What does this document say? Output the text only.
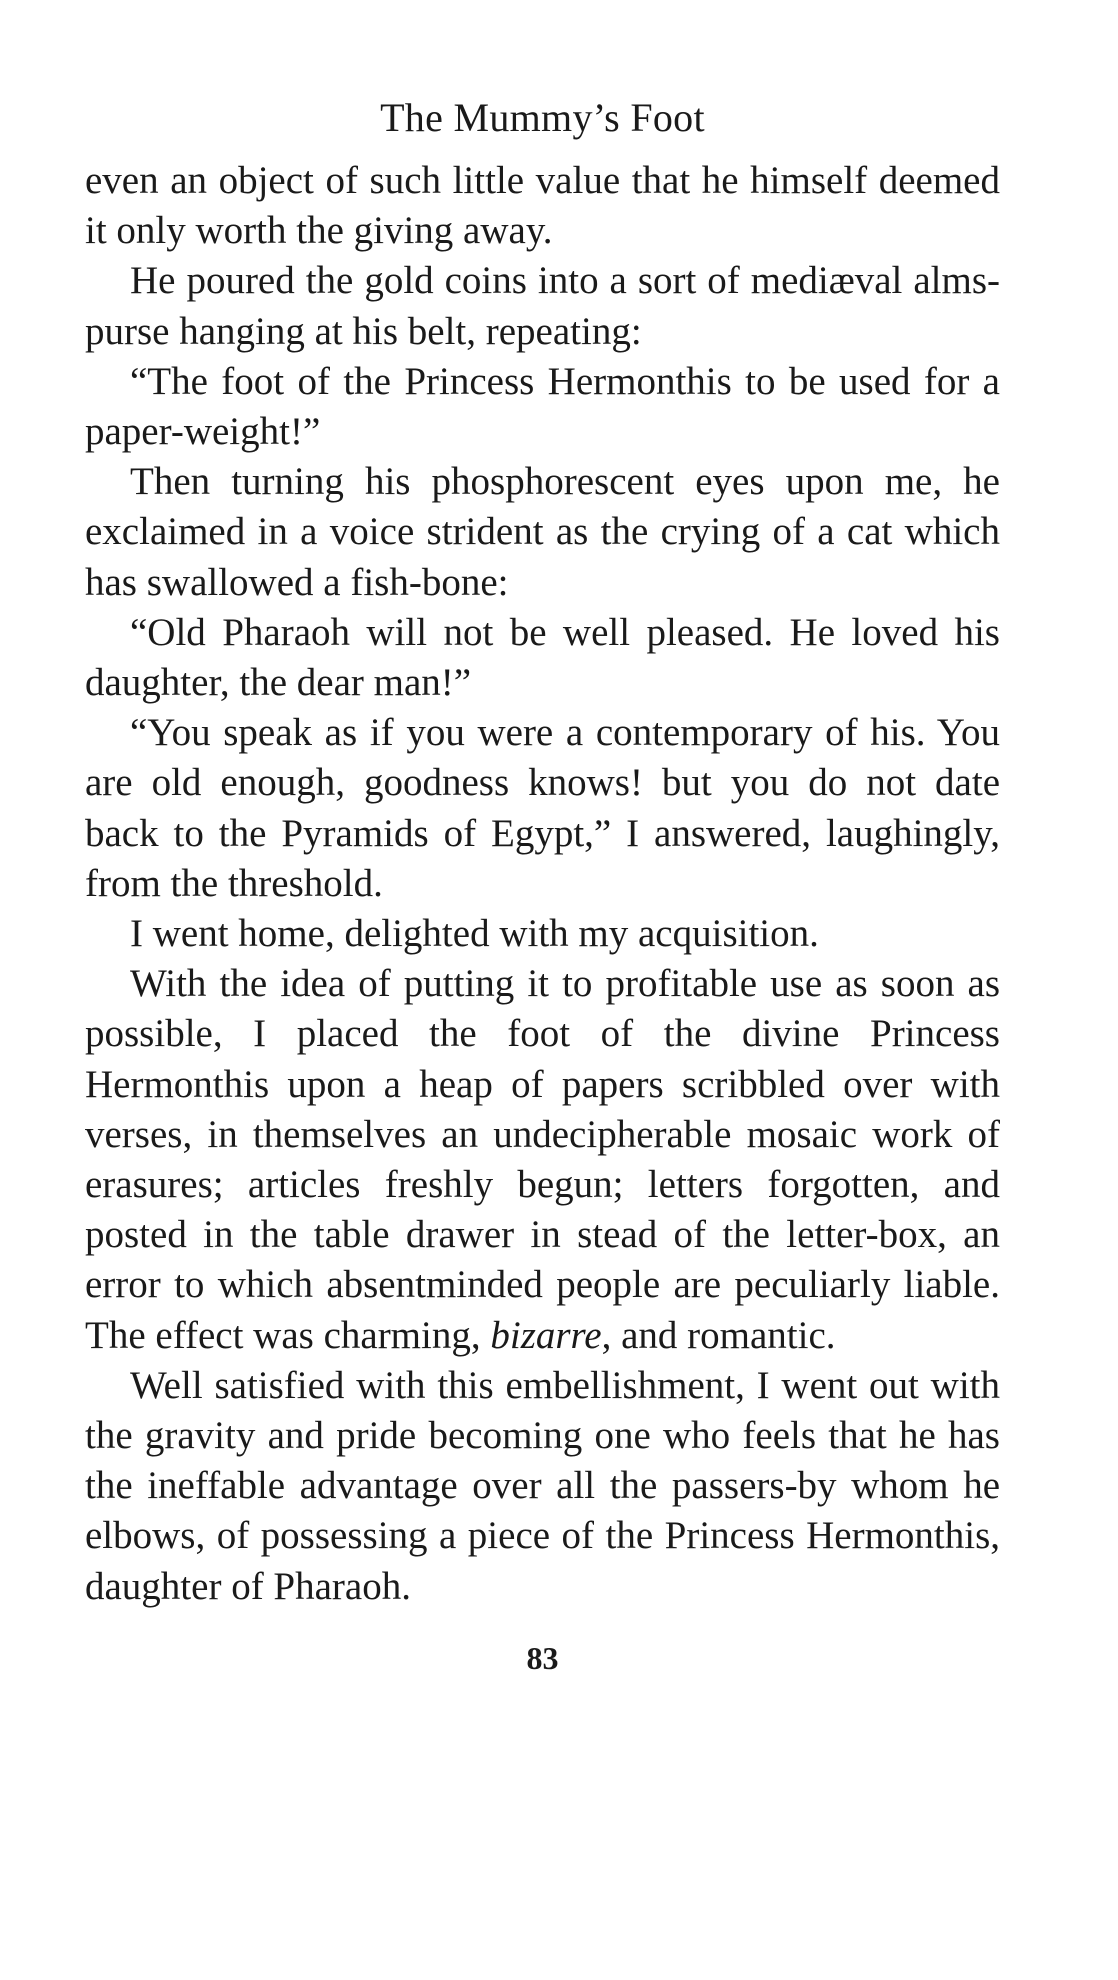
The Mummy’s Foot

even an object of such little value that he himself deemed it only worth the giving away.

He poured the gold coins into a sort of mediæval alms-purse hanging at his belt, repeating:

“The foot of the Princess Hermonthis to be used for a paper-weight!”

Then turning his phosphorescent eyes upon me, he exclaimed in a voice strident as the crying of a cat which has swallowed a fish-bone:

“Old Pharaoh will not be well pleased. He loved his daughter, the dear man!”

“You speak as if you were a contemporary of his. You are old enough, goodness knows! but you do not date back to the Pyramids of Egypt,” I answered, laughingly, from the threshold.

I went home, delighted with my acquisition.

With the idea of putting it to profitable use as soon as possible, I placed the foot of the divine Princess Hermonthis upon a heap of papers scribbled over with verses, in themselves an undecipherable mosaic work of erasures; articles freshly begun; letters forgotten, and posted in the table drawer in stead of the letter-box, an error to which absentminded people are peculiarly liable. The effect was charming, bizarre, and romantic.

Well satisfied with this embellishment, I went out with the gravity and pride becoming one who feels that he has the ineffable advantage over all the passers-by whom he elbows, of possessing a piece of the Princess Hermonthis, daughter of Pharaoh.

83
